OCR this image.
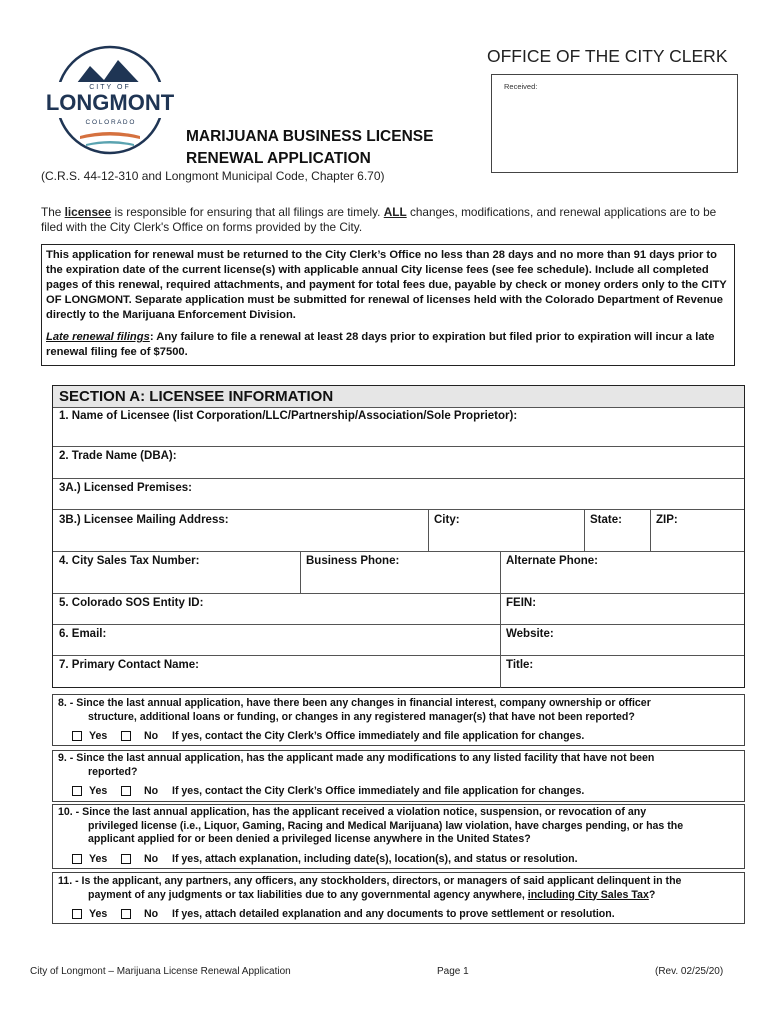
CITY OF
LONGMONT
C O L O R A D O
OFFICE OF THE CITY CLERK
Received:
MARIJUANA BUSINESS LICENSE
RENEWAL APPLICATION
(C.R.S. 44-12-310 and Longmont Municipal Code, Chapter 6.70)
The licensee is responsible for ensuring that all filings are timely. ALL changes, modifications, and renewal applications are to be filed with the City Clerk's Office on forms provided by the City.

This application for renewal must be returned to the City Clerk’s Office no less than 28 days and no more than 91 days prior to the expiration date of the current license(s) with applicable annual City license fees (see fee schedule). Include all completed pages of this renewal, required attachments, and payment for total fees due, payable by check or money orders only to the CITY OF LONGMONT. Separate application must be submitted for renewal of licenses held with the Colorado Department of Revenue directly to the Marijuana Enforcement Division.

Late renewal filings: Any failure to file a renewal at least 28 days prior to expiration but filed prior to expiration will incur a late renewal filing fee of $7500.

SECTION A: LICENSEE INFORMATION
1. Name of Licensee (list Corporation/LLC/Partnership/Association/Sole Proprietor):
2. Trade Name (DBA):
3A.) Licensed Premises:
3B.) Licensee Mailing Address:	City:	State:	ZIP:
4. City Sales Tax Number:	Business Phone:	Alternate Phone:
5. Colorado SOS Entity ID:	FEIN:
6. Email:	Website:
7. Primary Contact Name:	Title:
8. - Since the last annual application, have there been any changes in financial interest, company ownership or officer
structure, additional loans or funding, or changes in any registered manager(s) that have not been reported?
Yes	No If yes, contact the City Clerk’s Office immediately and file application for changes.
9. - Since the last annual application, has the applicant made any modifications to any listed facility that have not been
reported?
Yes	No If yes, contact the City Clerk’s Office immediately and file application for changes.
10. - Since the last annual application, has the applicant received a violation notice, suspension, or revocation of any
privileged license (i.e., Liquor, Gaming, Racing and Medical Marijuana) law violation, have charges pending, or has the
applicant applied for or been denied a privileged license anywhere in the United States?
Yes	No If yes, attach explanation, including date(s), location(s), and status or resolution.
11. - Is the applicant, any partners, any officers, any stockholders, directors, or managers of said applicant delinquent in the
payment of any judgments or tax liabilities due to any governmental agency anywhere, including City Sales Tax?
Yes	No If yes, attach detailed explanation and any documents to prove settlement or resolution.
City of Longmont – Marijuana License Renewal Application	Page 1	(Rev. 02/25/20)
